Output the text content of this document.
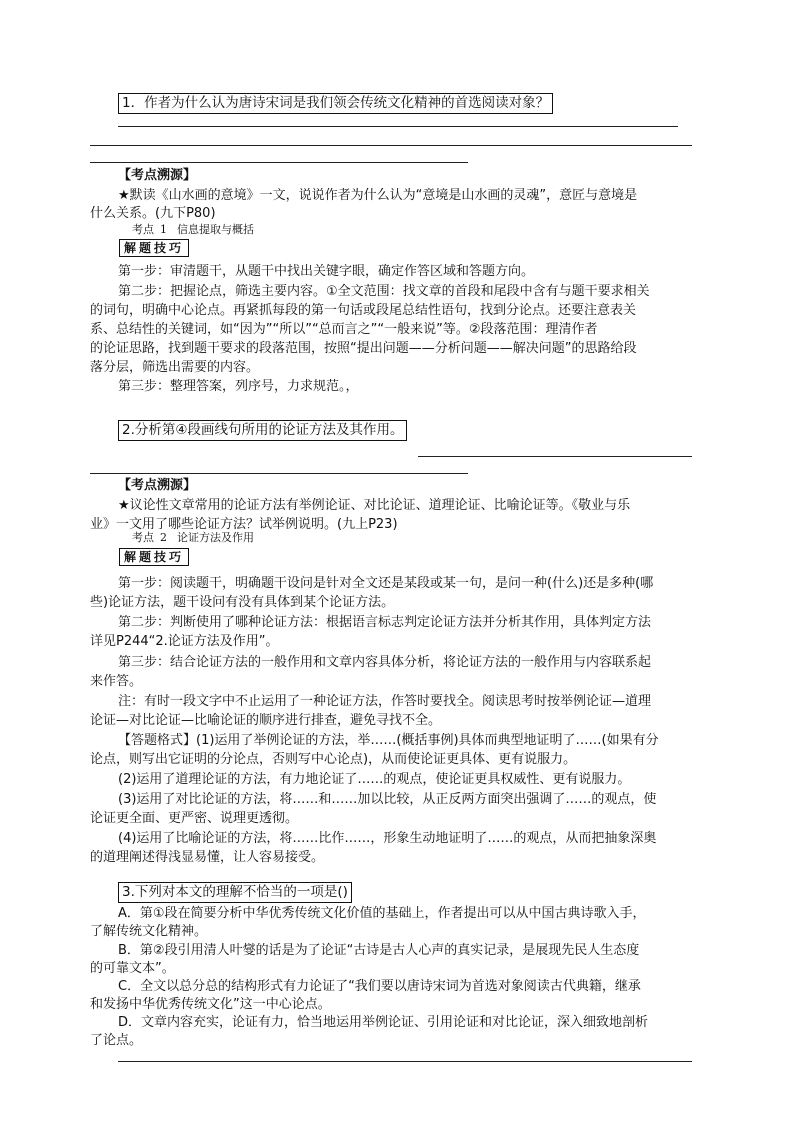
1．作者为什么认为唐诗宋词是我们领会传统文化精神的首选阅读对象？
【考点溯源】
★默读《山水画的意境》一文，说说作者为什么认为“意境是山水画的灵魂”，意匠与意境是
什么关系。(九下P80)
考点 1 信息提取与概括
解题技巧
第一步：审清题干，从题干中找出关键字眼，确定作答区域和答题方向。
第二步：把握论点，筛选主要内容。①全文范围：找文章的首段和尾段中含有与题干要求相关
的词句，明确中心论点。再紧抓每段的第一句话或段尾总结性语句，找到分论点。还要注意表关
系、总结性的关键词，如“因为”“所以”“总而言之”“一般来说”等。②段落范围：理清作者
的论证思路，找到题干要求的段落范围，按照“提出问题——分析问题——解决问题”的思路给段
落分层，筛选出需要的内容。
第三步：整理答案，列序号，力求规范。，
2.分析第④段画线句所用的论证方法及其作用。
【考点溯源】
★议论性文章常用的论证方法有举例论证、对比论证、道理论证、比喻论证等。《敬业与乐
业》一文用了哪些论证方法？试举例说明。(九上P23)
考点 2 论证方法及作用
解题技巧
第一步：阅读题干，明确题干设问是针对全文还是某段或某一句，是问一种(什么)还是多种(哪
些)论证方法，题干设问有没有具体到某个论证方法。
第二步：判断使用了哪种论证方法：根据语言标志判定论证方法并分析其作用，具体判定方法
详见P244“2.论证方法及作用”。
第三步：结合论证方法的一般作用和文章内容具体分析，将论证方法的一般作用与内容联系起
来作答。
注：有时一段文字中不止运用了一种论证方法，作答时要找全。阅读思考时按举例论证—道理
论证—对比论证—比喻论证的顺序进行排查，避免寻找不全。
【答题格式】(1)运用了举例论证的方法，举……(概括事例)具体而典型地证明了……(如果有分
论点，则写出它证明的分论点，否则写中心论点)，从而使论证更具体、更有说服力。
(2)运用了道理论证的方法，有力地论证了……的观点，使论证更具权威性、更有说服力。
(3)运用了对比论证的方法，将……和……加以比较，从正反两方面突出强调了……的观点，使
论证更全面、更严密、说理更透彻。
(4)运用了比喻论证的方法，将……比作……，形象生动地证明了……的观点，从而把抽象深奥
的道理阐述得浅显易懂，让人容易接受。
3.下列对本文的理解不恰当的一项是()
A．第①段在简要分析中华优秀传统文化价值的基础上，作者提出可以从中国古典诗歌入手，
了解传统文化精神。
B．第②段引用清人叶燮的话是为了论证“古诗是古人心声的真实记录，是展现先民人生态度
的可靠文本”。
C．全文以总分总的结构形式有力论证了“我们要以唐诗宋词为首选对象阅读古代典籍，继承
和发扬中华优秀传统文化”这一中心论点。
D．文章内容充实，论证有力，恰当地运用举例论证、引用论证和对比论证，深入细致地剖析
了论点。
